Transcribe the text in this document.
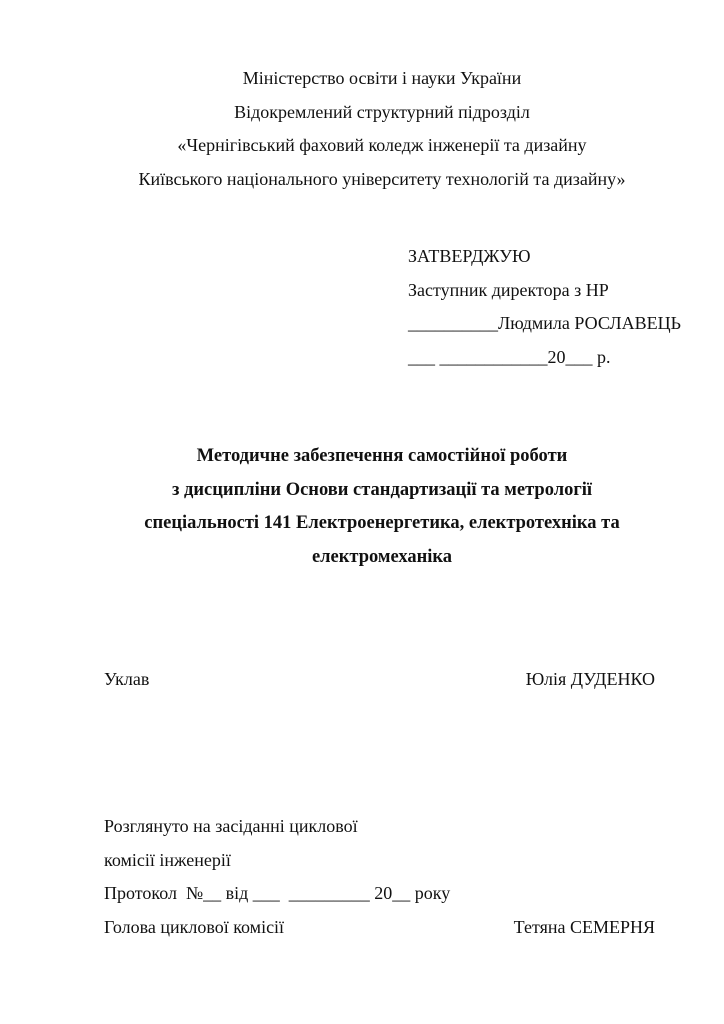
Міністерство освіти і науки України
Відокремлений структурний підрозділ
«Чернігівський фаховий коледж інженерії та дизайну
Київського національного університету технологій та дизайну»
ЗАТВЕРДЖУЮ
Заступник директора з НР
__________Людмила РОСЛАВЕЦЬ
___ ____________20___ р.
Методичне забезпечення самостійної роботи
з дисципліни Основи стандартизації та метрології
спеціальності 141 Електроенергетика, електротехніка та
електромеханіка
Уклав	Юлія ДУДЕНКО
Розглянуто на засіданні циклової
комісії інженерії
Протокол  №__ від ___  _________ 20__ року
Голова циклової комісії	Тетяна СЕМЕРНЯ
